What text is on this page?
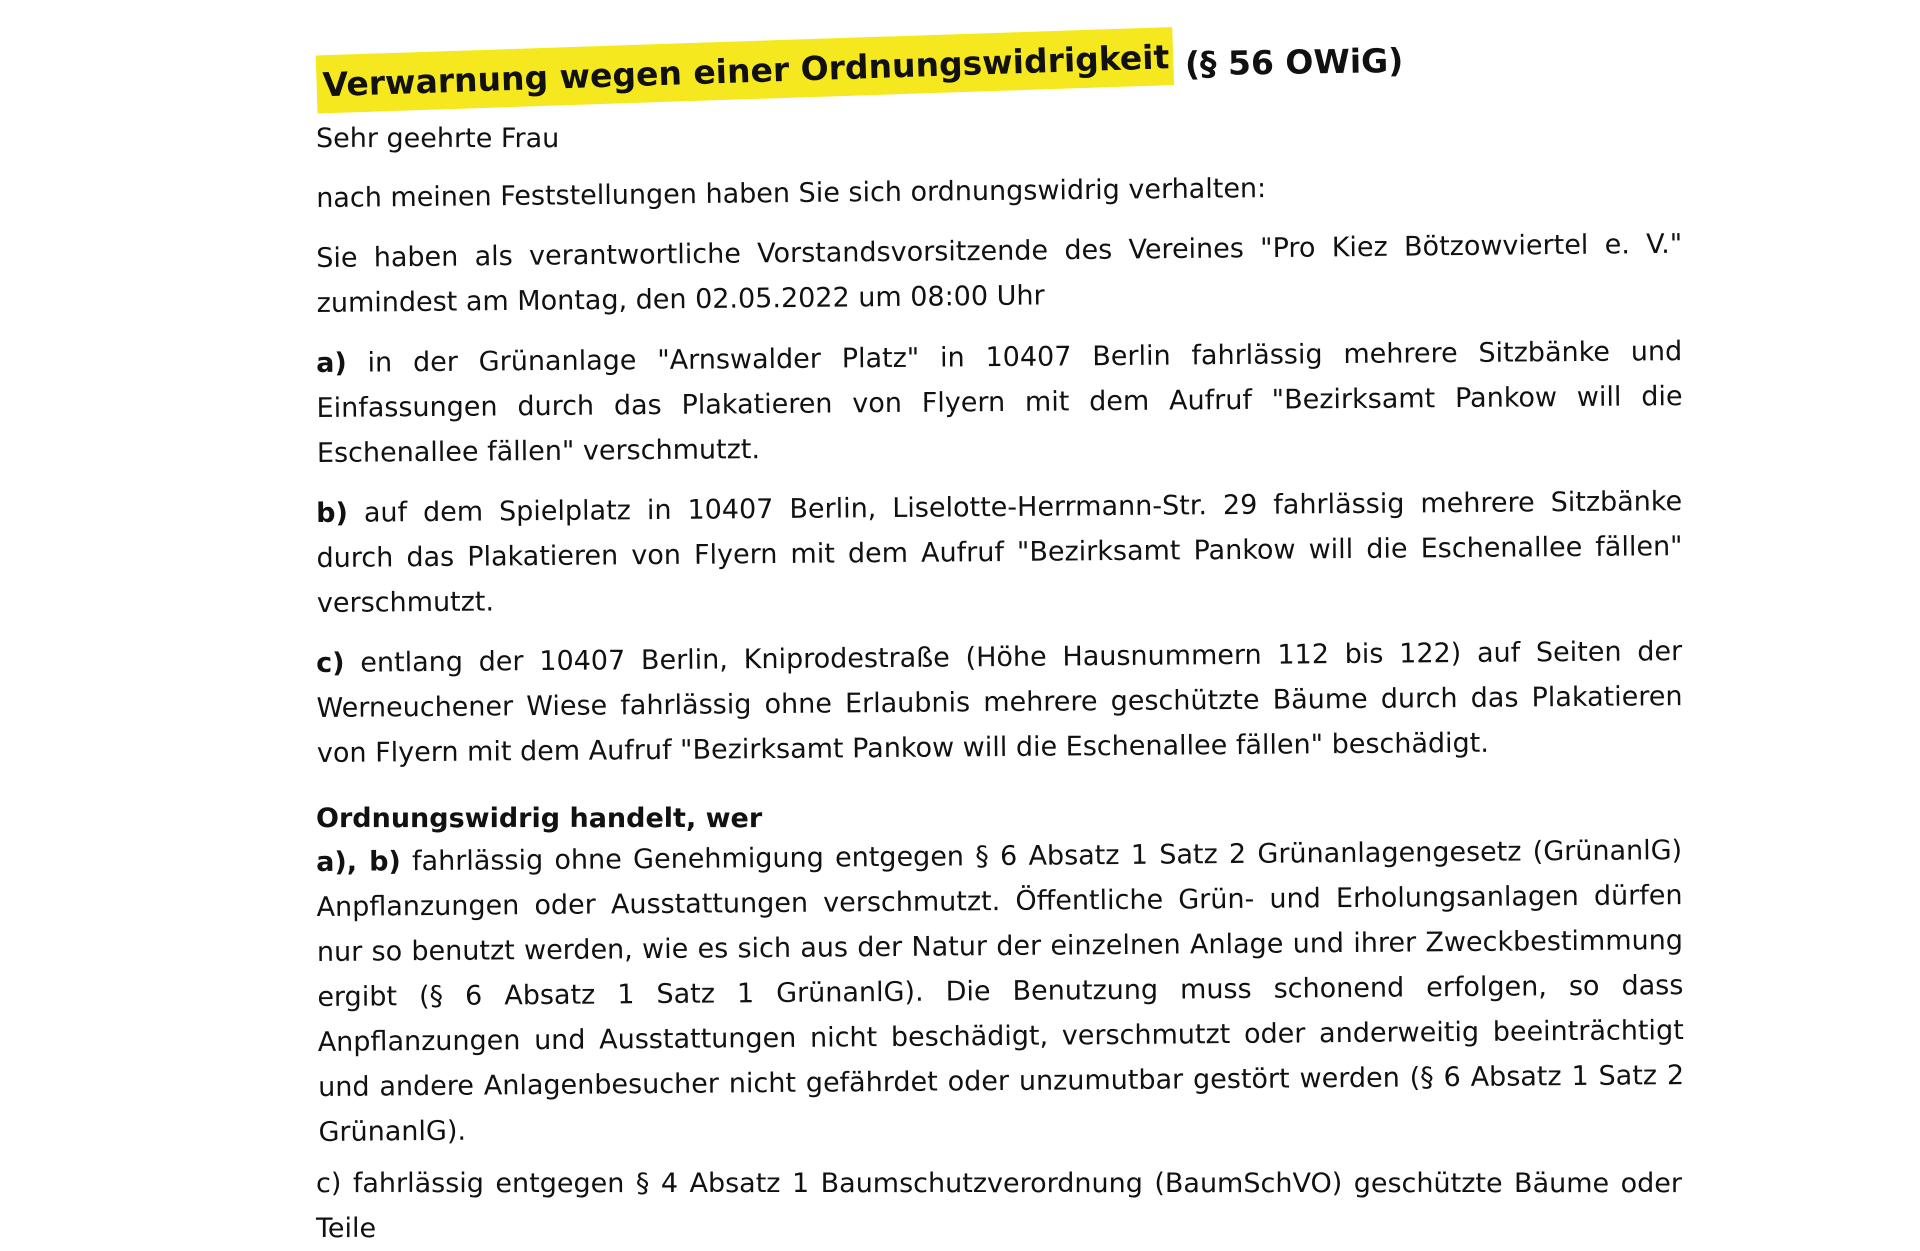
Verwarnung wegen einer Ordnungswidrigkeit (§ 56 OWiG)

Sehr geehrte Frau

nach meinen Feststellungen haben Sie sich ordnungswidrig verhalten:

Sie haben als verantwortliche Vorstandsvorsitzende des Vereines "Pro Kiez Bötzowviertel e. V." zumindest am Montag, den 02.05.2022 um 08:00 Uhr

a) in der Grünanlage "Arnswalder Platz" in 10407 Berlin fahrlässig mehrere Sitzbänke und Einfassungen durch das Plakatieren von Flyern mit dem Aufruf "Bezirksamt Pankow will die Eschenallee fällen" verschmutzt.

b) auf dem Spielplatz in 10407 Berlin, Liselotte-Herrmann-Str. 29 fahrlässig mehrere Sitzbänke durch das Plakatieren von Flyern mit dem Aufruf "Bezirksamt Pankow will die Eschenallee fällen" verschmutzt.

c) entlang der 10407 Berlin, Kniprodestraße (Höhe Hausnummern 112 bis 122) auf Seiten der Werneuchener Wiese fahrlässig ohne Erlaubnis mehrere geschützte Bäume durch das Plakatieren von Flyern mit dem Aufruf "Bezirksamt Pankow will die Eschenallee fällen" beschädigt.

Ordnungswidrig handelt, wer

a), b) fahrlässig ohne Genehmigung entgegen § 6 Absatz 1 Satz 2 Grünanlagengesetz (GrünanlG) Anpflanzungen oder Ausstattungen verschmutzt. Öffentliche Grün- und Erholungsanlagen dürfen nur so benutzt werden, wie es sich aus der Natur der einzelnen Anlage und ihrer Zweckbestimmung ergibt (§ 6 Absatz 1 Satz 1 GrünanlG). Die Benutzung muss schonend erfolgen, so dass Anpflanzungen und Ausstattungen nicht beschädigt, verschmutzt oder anderweitig beeinträchtigt und andere Anlagenbesucher nicht gefährdet oder unzumutbar gestört werden (§ 6 Absatz 1 Satz 2 GrünanlG).

c) fahrlässig entgegen § 4 Absatz 1 Baumschutzverordnung (BaumSchVO) geschützte Bäume oder Teile
